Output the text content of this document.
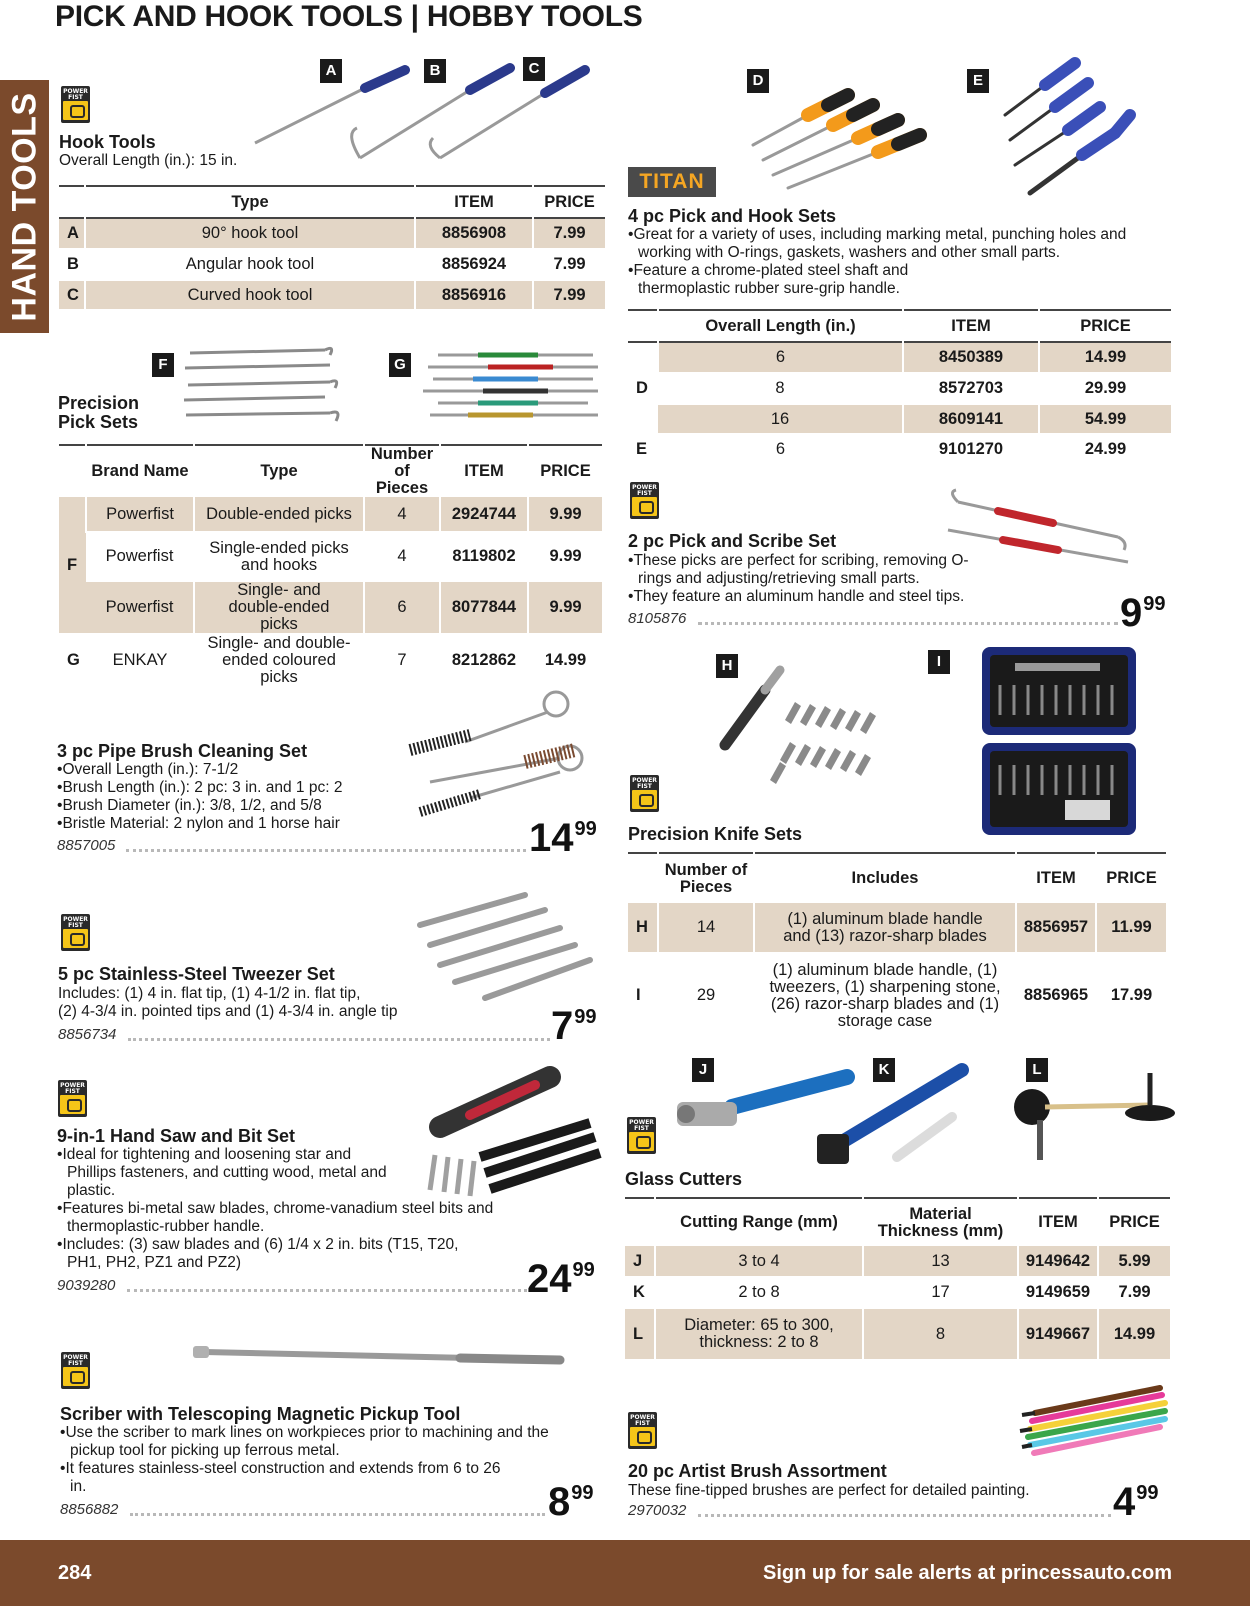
PICK AND HOOK TOOLS | HOBBY TOOLS
HAND TOOLS
POWER FIST
A	B	C
Hook Tools
Overall Length (in.): 15 in.
	Type	ITEM	PRICE
A	90° hook tool	8856908	7.99
B	Angular hook tool	8856924	7.99
C	Curved hook tool	8856916	7.99
F	G
Precision
Pick Sets
	Brand Name	Type	Number of Pieces	ITEM	PRICE
F	Powerfist	Double-ended picks	4	2924744	9.99
	Powerfist	Single-ended picks and hooks	4	8119802	9.99
	Powerfist	Single- and double-ended picks	6	8077844	9.99
G	ENKAY	Single- and double-ended coloured picks	7	8212862	14.99
3 pc Pipe Brush Cleaning Set
•Overall Length (in.): 7-1/2
•Brush Length (in.): 2 pc: 3 in. and 1 pc: 2
•Brush Diameter (in.): 3/8, 1/2, and 5/8
•Bristle Material: 2 nylon and 1 horse hair
8857005	$14^{99}$
POWER FIST
5 pc Stainless-Steel Tweezer Set
Includes: (1) 4 in. flat tip, (1) 4-1/2 in. flat tip,
(2) 4-3/4 in. pointed tips and (1) 4-3/4 in. angle tip
8856734	$7^{99}$
POWER FIST
9-in-1 Hand Saw and Bit Set
•Ideal for tightening and loosening star and Phillips fasteners, and cutting wood, metal and plastic.
•Features bi-metal saw blades, chrome-vanadium steel bits and thermoplastic-rubber handle.
•Includes: (3) saw blades and (6) 1/4 x 2 in. bits (T15, T20, PH1, PH2, PZ1 and PZ2)
9039280	$24^{99}$
POWER FIST
Scriber with Telescoping Magnetic Pickup Tool
•Use the scriber to mark lines on workpieces prior to machining and the pickup tool for picking up ferrous metal.
•It features stainless-steel construction and extends from 6 to 26 in.
8856882	$8^{99}$
D	E
TITAN
4 pc Pick and Hook Sets
•Great for a variety of uses, including marking metal, punching holes and working with O-rings, gaskets, washers and other small parts.
•Feature a chrome-plated steel shaft and thermoplastic rubber sure-grip handle.
	Overall Length (in.)	ITEM	PRICE
D	6	8450389	14.99
	8	8572703	29.99
	16	8609141	54.99
E	6	9101270	24.99
POWER FIST
2 pc Pick and Scribe Set
•These picks are perfect for scribing, removing O-rings and adjusting/retrieving small parts.
•They feature an aluminum handle and steel tips.
8105876	$9^{99}$
H	I
POWER FIST
Precision Knife Sets
	Number of Pieces	Includes	ITEM	PRICE
H	14	(1) aluminum blade handle and (13) razor-sharp blades	8856957	11.99
I	29	(1) aluminum blade handle, (1) tweezers, (1) sharpening stone, (26) razor-sharp blades and (1) storage case	8856965	17.99
J	K	L
POWER FIST
Glass Cutters
	Cutting Range (mm)	Material Thickness (mm)	ITEM	PRICE
J	3 to 4	13	9149642	5.99
K	2 to 8	17	9149659	7.99
L	Diameter: 65 to 300, thickness: 2 to 8	8	9149667	14.99
POWER FIST
20 pc Artist Brush Assortment
These fine-tipped brushes are perfect for detailed painting.
2970032	$4^{99}$
284	Sign up for sale alerts at princessauto.com
